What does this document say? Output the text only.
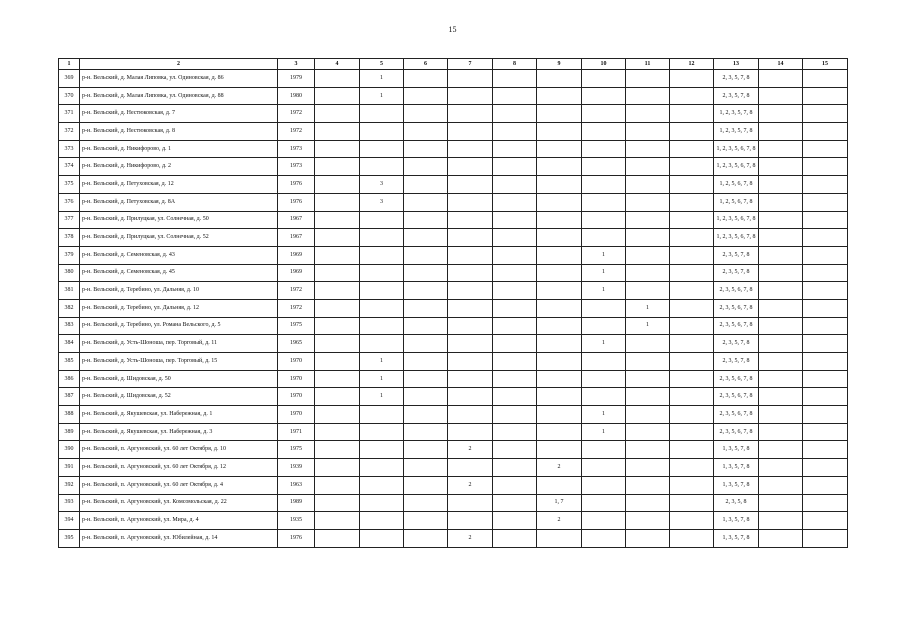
15
1	2	3	4	5	6	7	8	9	10	11	12	13	14	15
369	р-н. Вельский, д. Малая Липовка, ул. Одиновская, д. 86	1979		1								2, 3, 5, 7, 8		
370	р-н. Вельский, д. Малая Липовка, ул. Одиновская, д. 88	1980		1								2, 3, 5, 7, 8		
371	р-н. Вельский, д. Нестюковская, д. 7	1972										1, 2, 3, 5, 7, 8		
372	р-н. Вельский, д. Нестюковская, д. 8	1972										1, 2, 3, 5, 7, 8		
373	р-н. Вельский, д. Никифорово, д. 1	1973										1, 2, 3, 5, 6, 7, 8		
374	р-н. Вельский, д. Никифорово, д. 2	1973										1, 2, 3, 5, 6, 7, 8		
375	р-н. Вельский, д. Петуховская, д. 12	1976		3								1, 2, 5, 6, 7, 8		
376	р-н. Вельский, д. Петуховская, д. 8А	1976		3								1, 2, 5, 6, 7, 8		
377	р-н. Вельский, д. Прилуцкая, ул. Солнечная, д. 50	1967										1, 2, 3, 5, 6, 7, 8		
378	р-н. Вельский, д. Прилуцкая, ул. Солнечная, д. 52	1967										1, 2, 3, 5, 6, 7, 8		
379	р-н. Вельский, д. Семеновская, д. 43	1969							1			2, 3, 5, 7, 8		
380	р-н. Вельский, д. Семеновская, д. 45	1969							1			2, 3, 5, 7, 8		
381	р-н. Вельский, д. Теребино, ул. Дальняя, д. 10	1972							1			2, 3, 5, 6, 7, 8		
382	р-н. Вельский, д. Теребино, ул. Дальняя, д. 12	1972								1		2, 3, 5, 6, 7, 8		
383	р-н. Вельский, д. Теребино, ул. Романа Вельского, д. 5	1975								1		2, 3, 5, 6, 7, 8		
384	р-н. Вельский, д. Усть-Шоноша, пер. Торговый, д. 11	1965							1			2, 3, 5, 7, 8		
385	р-н. Вельский, д. Усть-Шоноша, пер. Торговый, д. 15	1970		1								2, 3, 5, 7, 8		
386	р-н. Вельский, д. Шидовская, д. 50	1970		1								2, 3, 5, 6, 7, 8		
387	р-н. Вельский, д. Шидовская, д. 52	1970		1								2, 3, 5, 6, 7, 8		
388	р-н. Вельский, д. Якушевская, ул. Набережная, д. 1	1970							1			2, 3, 5, 6, 7, 8		
389	р-н. Вельский, д. Якушевская, ул. Набережная, д. 3	1971							1			2, 3, 5, 6, 7, 8		
390	р-н. Вельский, п. Аргуновский, ул. 60 лет Октября, д. 10	1975				2						1, 3, 5, 7, 8		
391	р-н. Вельский, п. Аргуновский, ул. 60 лет Октября, д. 12	1939						2				1, 3, 5, 7, 8		
392	р-н. Вельский, п. Аргуновский, ул. 60 лет Октября, д. 4	1963				2						1, 3, 5, 7, 8		
393	р-н. Вельский, п. Аргуновский, ул. Комсомольская, д. 22	1989						1, 7				2, 3, 5, 8		
394	р-н. Вельский, п. Аргуновский, ул. Мира, д. 4	1935						2				1, 3, 5, 7, 8		
395	р-н. Вельский, п. Аргуновский, ул. Юбилейная, д. 14	1976				2						1, 3, 5, 7, 8		
